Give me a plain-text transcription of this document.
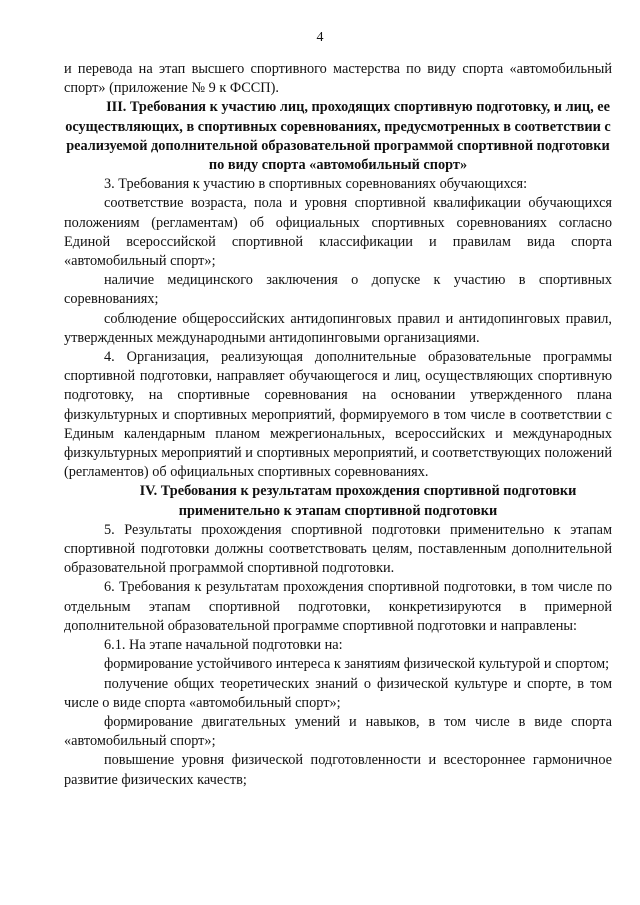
4

и перевода на этап высшего спортивного мастерства по виду спорта «автомобильный спорт» (приложение № 9 к ФССП).

III. Требования к участию лиц, проходящих спортивную подготовку, и лиц, ее осуществляющих, в спортивных соревнованиях, предусмотренных в соответствии с реализуемой дополнительной образовательной программой спортивной подготовки по виду спорта «автомобильный спорт»

3. Требования к участию в спортивных соревнованиях обучающихся:

соответствие возраста, пола и уровня спортивной квалификации обучающихся положениям (регламентам) об официальных спортивных соревнованиях согласно Единой всероссийской спортивной классификации и правилам вида спорта «автомобильный спорт»;

наличие медицинского заключения о допуске к участию в спортивных соревнованиях;

соблюдение общероссийских антидопинговых правил и антидопинговых правил, утвержденных международными антидопинговыми организациями.

4. Организация, реализующая дополнительные образовательные программы спортивной подготовки, направляет обучающегося и лиц, осуществляющих спортивную подготовку, на спортивные соревнования на основании утвержденного плана физкультурных и спортивных мероприятий, формируемого в том числе в соответствии с Единым календарным планом межрегиональных, всероссийских и международных физкультурных мероприятий и спортивных мероприятий, и соответствующих положений (регламентов) об официальных спортивных соревнованиях.

IV. Требования к результатам прохождения спортивной подготовки применительно к этапам спортивной подготовки

5. Результаты прохождения спортивной подготовки применительно к этапам спортивной подготовки должны соответствовать целям, поставленным дополнительной образовательной программой спортивной подготовки.

6. Требования к результатам прохождения спортивной подготовки, в том числе по отдельным этапам спортивной подготовки, конкретизируются в примерной дополнительной образовательной программе спортивной подготовки и направлены:

6.1. На этапе начальной подготовки на:

формирование устойчивого интереса к занятиям физической культурой и спортом;

получение общих теоретических знаний о физической культуре и спорте, в том числе о виде спорта «автомобильный спорт»;

формирование двигательных умений и навыков, в том числе в виде спорта «автомобильный спорт»;

повышение уровня физической подготовленности и всестороннее гармоничное развитие физических качеств;
